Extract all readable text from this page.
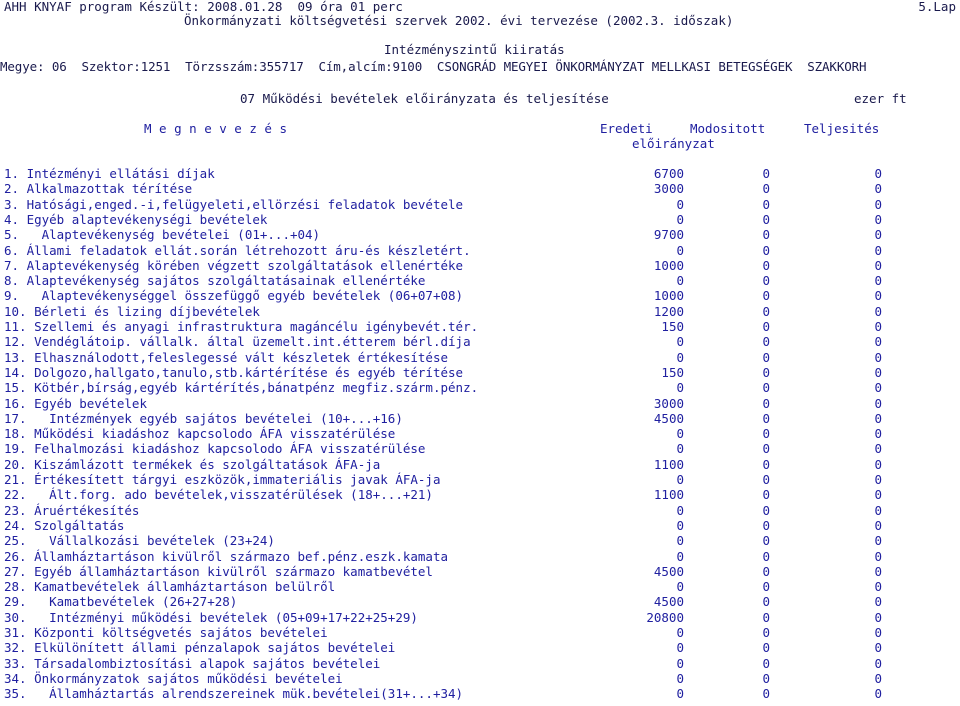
AHH KNYAF program Készült: 2008.01.28  09 óra 01 perc	5.Lap
Önkormányzati költségvetési szervek 2002. évi tervezése (2002.3. időszak)
Intézményszintű kiiratás
Megye: 06  Szektor:1251  Törzsszám:355717  Cím,alcím:9100  CSONGRÁD MEGYEI ÖNKORMÁNYZAT MELLKASI BETEGSÉGEK  SZAKKORH
07 Működési bevételek előirányzata és teljesítése	ezer ft
M e g n e v e z é s	Eredeti
előirányzat
Modositott	Teljesités
1. Intézményi ellátási díjak	6700	0	0
2. Alkalmazottak térítése	3000	0	0
3. Hatósági,enged.-i,felügyeleti,ellörzési feladatok bevétele	0	0	0
4. Egyéb alaptevékenységi bevételek	0	0	0
5.   Alaptevékenység bevételei (01+...+04)	9700	0	0
6. Állami feladatok ellát.során létrehozott áru-és készletért.	0	0	0
7. Alaptevékenység körében végzett szolgáltatások ellenértéke	1000	0	0
8. Alaptevékenység sajátos szolgáltatásainak ellenértéke	0	0	0
9.   Alaptevékenységgel összefüggő egyéb bevételek (06+07+08)	1000	0	0
10. Bérleti és lizing díjbevételek	1200	0	0
11. Szellemi és anyagi infrastruktura magáncélu igénybevét.tér.	150	0	0
12. Vendéglátoip. vállalk. által üzemelt.int.étterem bérl.díja	0	0	0
13. Elhasználodott,feleslegessé vált készletek értékesítése	0	0	0
14. Dolgozo,hallgato,tanulo,stb.kártérítése és egyéb térítése	150	0	0
15. Kötbér,bírság,egyéb kártérítés,bánatpénz megfiz.szárm.pénz.	0	0	0
16. Egyéb bevételek	3000	0	0
17.   Intézmények egyéb sajátos bevételei (10+...+16)	4500	0	0
18. Működési kiadáshoz kapcsolodo ÁFA visszatérülése	0	0	0
19. Felhalmozási kiadáshoz kapcsolodo ÁFA visszatérülése	0	0	0
20. Kiszámlázott termékek és szolgáltatások ÁFA-ja	1100	0	0
21. Értékesített tárgyi eszközök,immateriális javak ÁFA-ja	0	0	0
22.   Ált.forg. ado bevételek,visszatérülések (18+...+21)	1100	0	0
23. Áruértékesítés	0	0	0
24. Szolgáltatás	0	0	0
25.   Vállalkozási bevételek (23+24)	0	0	0
26. Államháztartáson kivülről származo bef.pénz.eszk.kamata	0	0	0
27. Egyéb államháztartáson kivülről származo kamatbevétel	4500	0	0
28. Kamatbevételek államháztartáson belülről	0	0	0
29.   Kamatbevételek (26+27+28)	4500	0	0
30.   Intézményi működési bevételek (05+09+17+22+25+29)	20800	0	0
31. Központi költségvetés sajátos bevételei	0	0	0
32. Elkülönített állami pénzalapok sajátos bevételei	0	0	0
33. Társadalombiztosítási alapok sajátos bevételei	0	0	0
34. Önkormányzatok sajátos működési bevételei	0	0	0
35.   Államháztartás alrendszereinek mük.bevételei(31+...+34)	0	0	0
